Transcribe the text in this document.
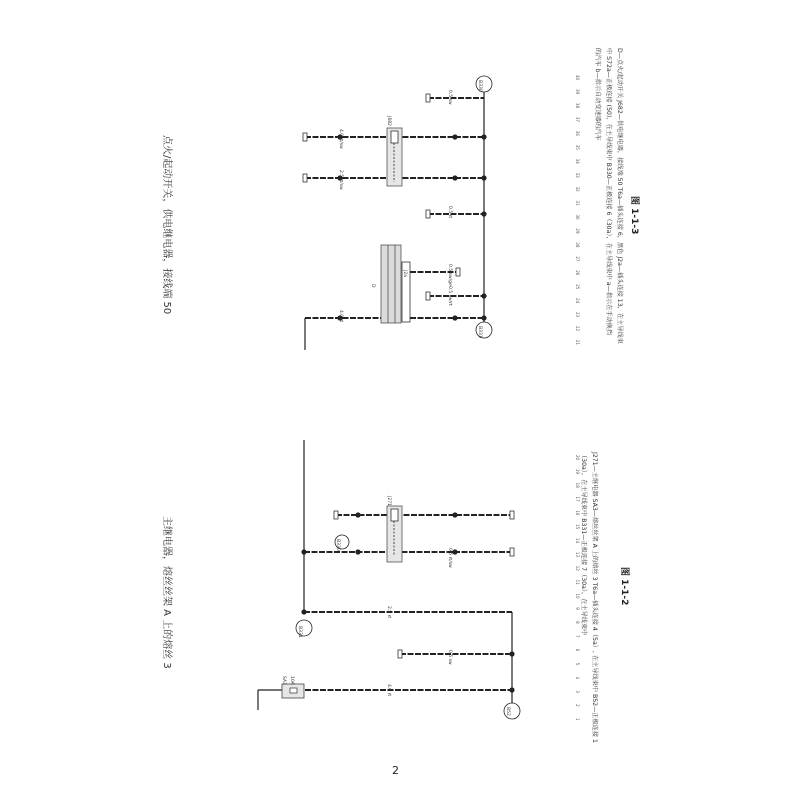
主继电器，熔丝丝架 A 上的熔丝 3
点火/起动开关，供电继电器，接线端 50
J271—主继电器 SA3—熔丝丝架 A 上的熔丝 3 T6a—插头连接 4（5a）, 在主导线束中 B52—正极连接 1
（30a），在主导线束中 B331—正极连接 7（30a），在主导线束中	图 1-1-2
D—点火/起动开关 J682—供电继电器，接线端 50 T6a—插头连接 6，黑色 J2a—插头连接 13，在主导线束
中 S72a—正极连接 (50)，在主导线束中 B330—正极连接 6（30a），在主导线束中 a—指示在手动换挡
的汽车 b—指示自动变速器的汽车
图 1-1-3
B331
B52
B330
SA3 10A
J271
4.0 rt
0.5 sw
0.5 rt/sw
2.5 rt
B330
B331
D
J682
J2a
4.0 rt
0.5 sw/rt
0.5 rt
0.5 sw
2.5 rt/sw
4.0 rt/sw
0.5 sw/ge
1
2
3
4
5
6
7
8
9
10
11
12
13
14
15
16
17
18
19
20
21
22
23
24
25
26
27
28
29
30
31
32
33
34
35
36
37
38
39
40
2
